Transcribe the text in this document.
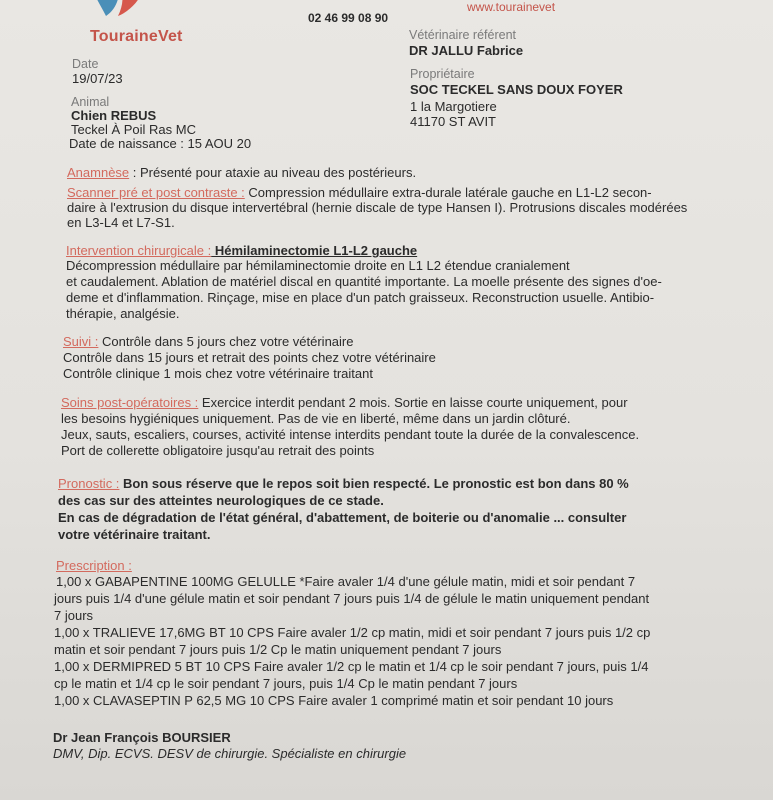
TouraineVet
02 46 99 08 90
www.tourainevet
Vétérinaire référent
DR JALLU Fabrice
Date
19/07/23	Propriétaire
SOC TECKEL SANS DOUX FOYER
1 la Margotiere
41170 ST AVIT
Animal
Chien REBUS
Teckel À Poil Ras MC
Date de naissance : 15 AOU 20
Anamnèse : Présenté pour ataxie au niveau des postérieurs.
Scanner pré et post contraste : Compression médullaire extra-durale latérale gauche en L1-L2 secon-
daire à l'extrusion du disque intervertébral (hernie discale de type Hansen I). Protrusions discales modérées
en L3-L4 et L7-S1.
Intervention chirurgicale : Hémilaminectomie L1-L2 gauche
Décompression médullaire par hémilaminectomie droite en L1 L2 étendue cranialement
et caudalement. Ablation de matériel discal en quantité importante. La moelle présente des signes d'oe-
deme et d'inflammation. Rinçage, mise en place d'un patch graisseux. Reconstruction usuelle. Antibio-
thérapie, analgésie.
Suivi : Contrôle dans 5 jours chez votre vétérinaire
Contrôle dans 15 jours et retrait des points chez votre vétérinaire
Contrôle clinique 1 mois chez votre vétérinaire traitant
Soins post-opératoires : Exercice interdit pendant 2 mois. Sortie en laisse courte uniquement, pour
les besoins hygiéniques uniquement. Pas de vie en liberté, même dans un jardin clôturé.
Jeux, sauts, escaliers, courses, activité intense interdits pendant toute la durée de la convalescence.
Port de collerette obligatoire jusqu'au retrait des points
Pronostic : Bon sous réserve que le repos soit bien respecté. Le pronostic est bon dans 80 %
des cas sur des atteintes neurologiques de ce stade.
En cas de dégradation de l'état général, d'abattement, de boiterie ou d'anomalie ... consulter
votre vétérinaire traitant.
Prescription :
1,00 x GABAPENTINE 100MG GELULLE *Faire avaler 1/4 d'une gélule matin, midi et soir pendant 7
jours puis 1/4 d'une gélule matin et soir pendant 7 jours puis 1/4 de gélule le matin uniquement pendant
7 jours
1,00 x TRALIEVE 17,6MG BT 10 CPS Faire avaler 1/2 cp matin, midi et soir pendant 7 jours puis 1/2 cp
matin et soir pendant 7 jours puis 1/2 Cp le matin uniquement pendant 7 jours
1,00 x DERMIPRED 5 BT 10 CPS Faire avaler 1/2 cp le matin et 1/4 cp le soir pendant 7 jours, puis 1/4
cp le matin et 1/4 cp le soir pendant 7 jours, puis 1/4 Cp le matin pendant 7 jours
1,00 x CLAVASEPTIN P 62,5 MG 10 CPS Faire avaler 1 comprimé matin et soir pendant 10 jours
Dr Jean François BOURSIER
DMV, Dip. ECVS. DESV de chirurgie. Spécialiste en chirurgie
